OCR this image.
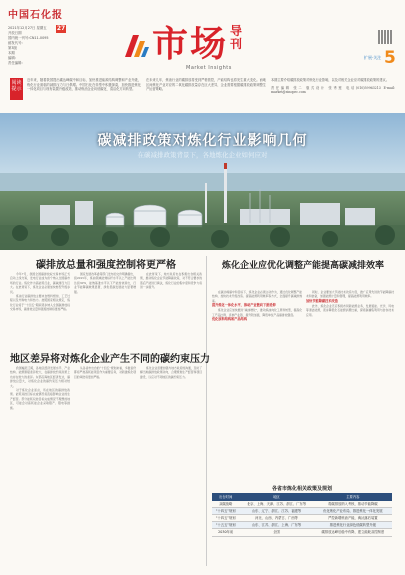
中国石化报
2021年12月27日 星期五
开放日期
国内统一刊号:CN11-0095
邮发代号:
第3版
本期
编辑:
责任编辑:
27 市场 导刊
Market Insights
扩展·关注 5
阅读提示
近年来，随着我国提出碳达峰碳中和目标，加快推进能源结构调整和产业升级，炼化行业面临的减排压力与日俱增。中国石化在转型中积极探索，加快推进炼化一体化项目与现有装置升级改造，推动炼油企业向低碳化、清洁化方向转型。
在未来几年，炼油行业的碳排放将受到严格管控，产能结构也将发生重大变化。而地区间炼化产业对应的二氧化碳排放量存在巨大差异，企业需要根据碳排放政策调整生产运营策略。
本期主要介绍碳排放政策对炼化行业影响，以及对相关企业应对碳排放政策的建议。
责任编辑 张二 版式设计 张秀莲 电话(010)59963213 E-mail: market@sinopec.com
碳减排政策对炼化行业影响几何
在碳减排政策背景下，各地炼化企业如何应对
碳排放总量和强度控制将更严格

今年7月，我国全国碳排放权交易市场正式启动上线交易，发电行业成为首个纳入全国碳市场的行业。炼化作为高能耗行业，碳减排压力巨大。在此背景下，炼化企业必须加快转型升级步伐。

炼油行业碳排放主要来自燃料燃烧、工艺过程以及外购电力和热力。按照国家相关规定，炼化行业将于“十四五”期间逐步纳入全国碳排放权交易市场，碳排放总量和强度控制将更加严格。

国家发展改革委等部门发布的文件明确提出，到2025年，炼油领域能效标杆水平以上产能比例达到30%，能效基准水平以下产能加快退出，行业节能降碳效果显著，绿色低碳发展能力显著增强。

在此背景下，地方政府也在积极出台相关政策，推动炼化企业节能降碳改造，对不符合要求的落后产能进行淘汰，炼化行业的集中度和竞争力将进一步提升。

地区差异将对炼化企业产生不同的碳约束压力

我国幅员辽阔，各地区经济发展水平、产业结构、能源禀赋差异较大，在碳排放约束政策上也存在较大的差异。东部沿海地区经济发达，碳排放总量大，对炼化企业的碳约束压力相对较大。

对于炼化企业而言，所在地区的碳排放政策、能耗双控目标完成情况将直接影响企业的生产经营。部分能耗双控目标完成情况不理想的地区，可能会对高耗能企业采取限产、限电等措施。

从各省市出台的“十四五”规划来看，多数省份都将严控高耗能项目作为重要任务，对新建炼化项目的审批将更加严格。

炼化企业需要加强与地方政府的沟通，及时了解当地碳排放政策动向，合理规划生产经营和项目建设，以应对不同地区的碳约束压力。

炼化企业应优化调整产能提高碳减排效率

在碳达峰碳中和目标下，炼化企业必须主动作为，通过优化调整产能结构、加快技术升级改造、提高能源利用效率等方式，全面提升碳减排效率。

提升炼化一体化水平，推动产业链向下游延伸

炼化企业应加快推进“减油增化”，推动炼油向化工原料转型，提高化工产品比例，延伸产业链，提升附加值，降低单位产品碳排放强度。

优化原料结构和产品结构

同时，企业要加大节能技术改造力度，推广应用先进的节能降碳技术和装备，加强能源计量和管理，提高能源利用效率。

加快节能降碳技术改造

此外，炼化企业还应积极布局新能源业务，发展氢能、光伏、风电等清洁能源，逐步降低化石能源消费比重，探索碳捕集利用与封存技术应用。

各省市炼化相关政策及规划
出台时间	地区	主要内容
双碳战略	北京、上海、天津、江苏、浙江、广东等	将碳排放纳入考核，推动节能降碳
“十四五”规划	山东、辽宁、浙江、江苏、福建等	优化炼化产业布局，推进炼化一体化发展
“十四五”规划	河北、山西、内蒙古、广西等	严控新增炼油产能，淘汰落后装置
“十五五”规划	山东、江苏、浙江、上海、广东等	推进炼化行业绿色低碳转型升级
2030年前	全国	碳排放达峰后稳中有降，建立能耗双控制度
